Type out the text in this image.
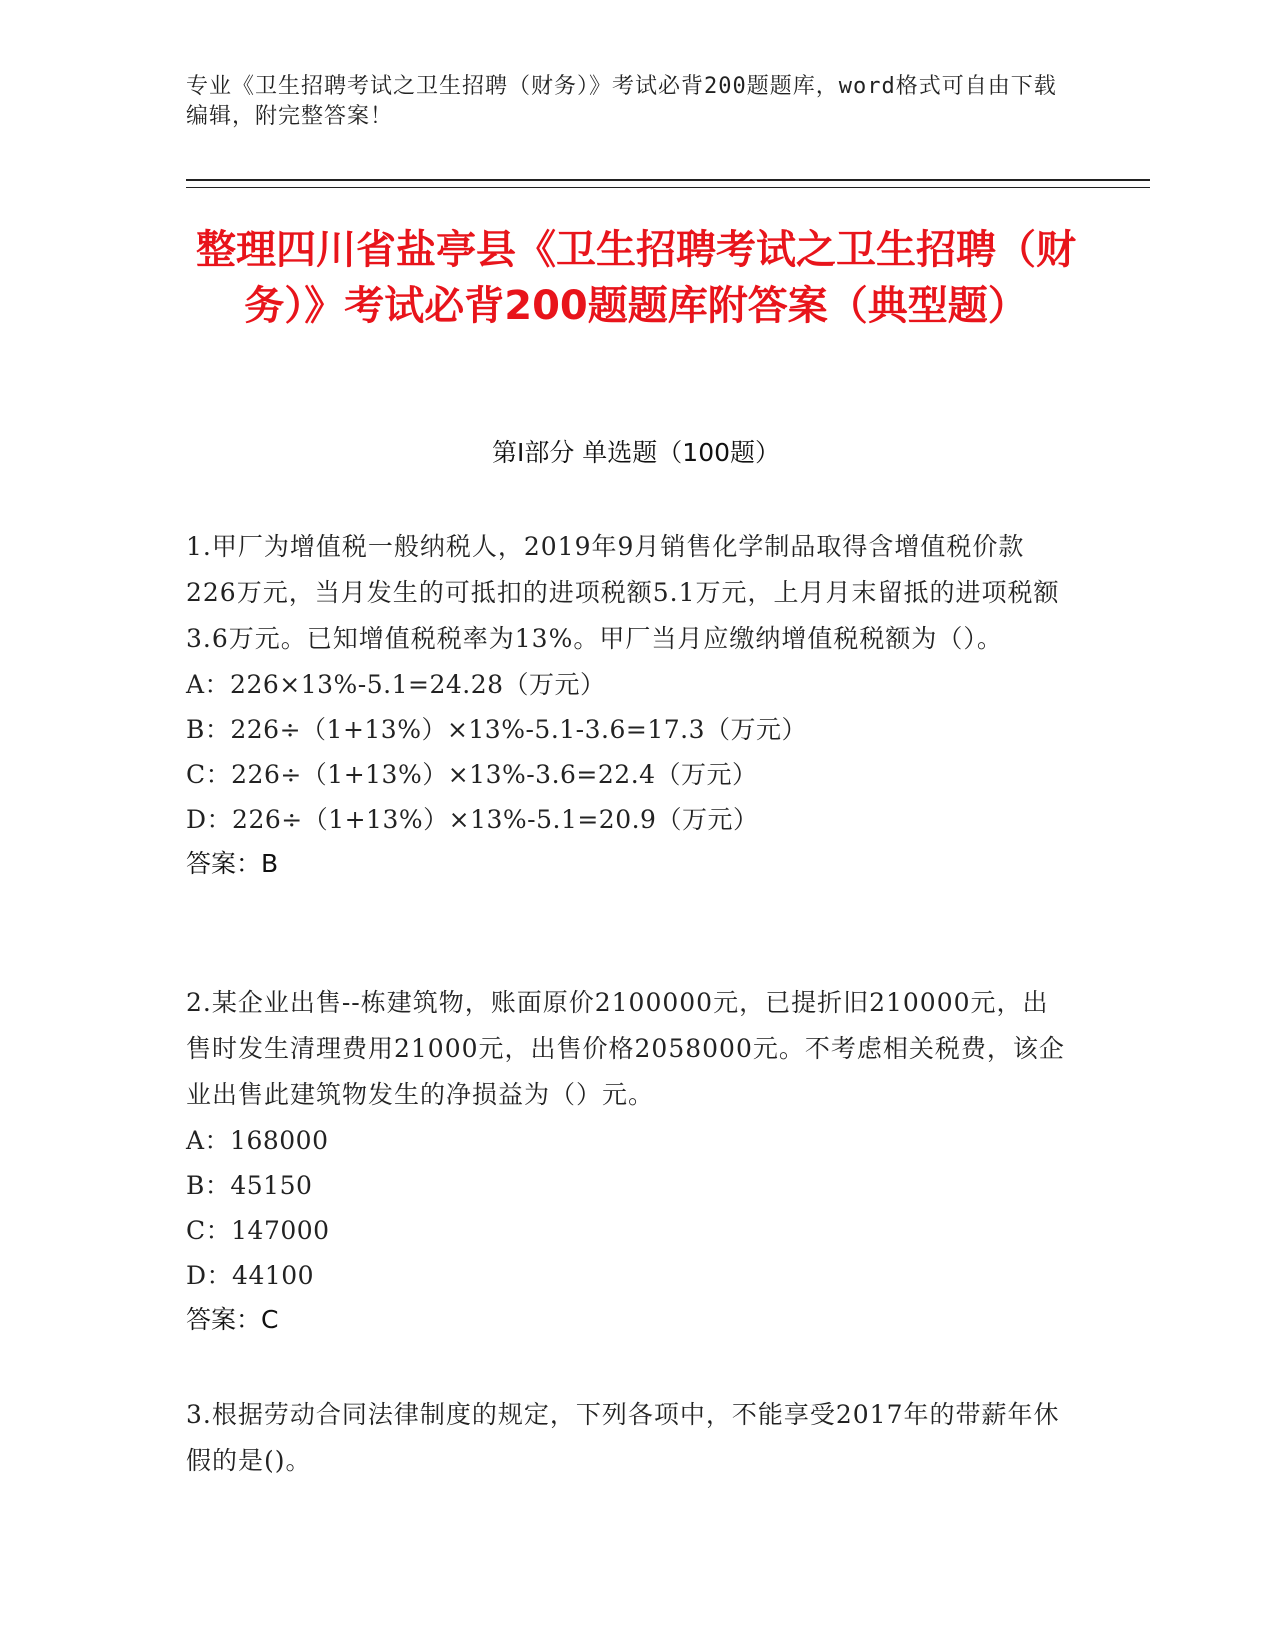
专业《卫生招聘考试之卫生招聘（财务）》考试必背200题题库，word格式可自由下载编辑，附完整答案！
整理四川省盐亭县《卫生招聘考试之卫生招聘（财务）》考试必背200题题库附答案（典型题）
第Ⅰ部分 单选题（100题）
1.甲厂为增值税一般纳税人，2019年9月销售化学制品取得含增值税价款226万元，当月发生的可抵扣的进项税额5.1万元，上月月末留抵的进项税额3.6万元。已知增值税税率为13%。甲厂当月应缴纳增值税税额为（）。
A：226×13%-5.1=24.28（万元）
B：226÷（1+13%）×13%-5.1-3.6=17.3（万元）
C：226÷（1+13%）×13%-3.6=22.4（万元）
D：226÷（1+13%）×13%-5.1=20.9（万元）
答案：B
2.某企业出售--栋建筑物，账面原价2100000元，已提折旧210000元，出售时发生清理费用21000元，出售价格2058000元。不考虑相关税费，该企业出售此建筑物发生的净损益为（）元。
A：168000
B：45150
C：147000
D：44100
答案：C
3.根据劳动合同法律制度的规定，下列各项中，不能享受2017年的带薪年休假的是()。
